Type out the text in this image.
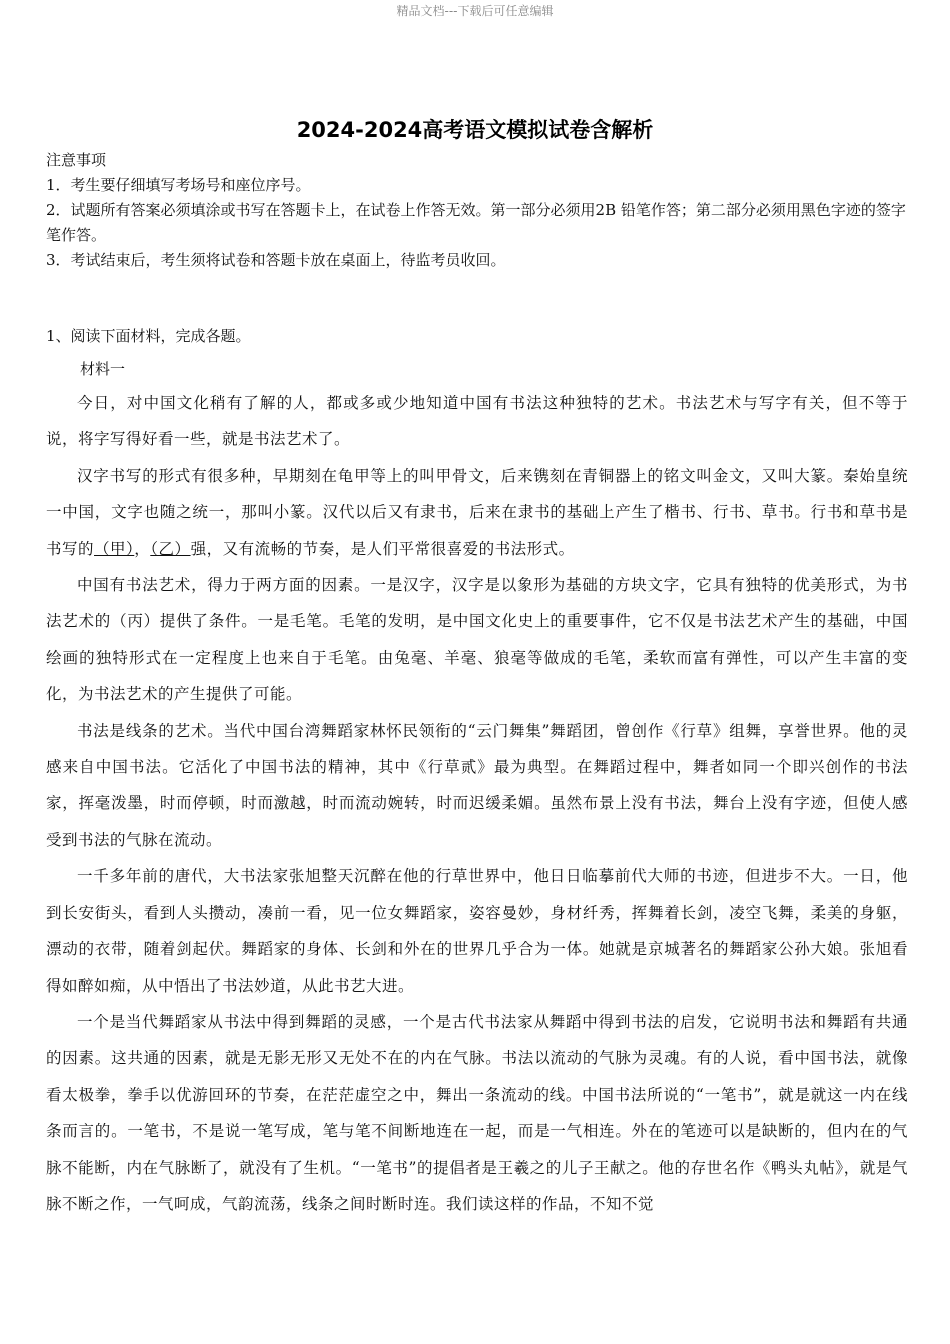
精品文档---下载后可任意编辑
2024-2024高考语文模拟试卷含解析

注意事项

1．考生要仔细填写考场号和座位序号。

2．试题所有答案必须填涂或书写在答题卡上，在试卷上作答无效。第一部分必须用2B 铅笔作答；第二部分必须用黑色字迹的签字笔作答。

3．考试结束后，考生须将试卷和答题卡放在桌面上，待监考员收回。

1、阅读下面材料，完成各题。
材料一

今日，对中国文化稍有了解的人，都或多或少地知道中国有书法这种独特的艺术。书法艺术与写字有关，但不等于说，将字写得好看一些，就是书法艺术了。

汉字书写的形式有很多种，早期刻在龟甲等上的叫甲骨文，后来镌刻在青铜器上的铭文叫金文，又叫大篆。秦始皇统一中国，文字也随之统一，那叫小篆。汉代以后又有隶书，后来在隶书的基础上产生了楷书、行书、草书。行书和草书是书写的（甲），（乙）强，又有流畅的节奏，是人们平常很喜爱的书法形式。

中国有书法艺术，得力于两方面的因素。一是汉字，汉字是以象形为基础的方块文字，它具有独特的优美形式，为书法艺术的（丙）提供了条件。一是毛笔。毛笔的发明，是中国文化史上的重要事件，它不仅是书法艺术产生的基础，中国绘画的独特形式在一定程度上也来自于毛笔。由兔毫、羊毫、狼毫等做成的毛笔，柔软而富有弹性，可以产生丰富的变化，为书法艺术的产生提供了可能。

书法是线条的艺术。当代中国台湾舞蹈家林怀民领衔的“云门舞集”舞蹈团，曾创作《行草》组舞，享誉世界。他的灵感来自中国书法。它活化了中国书法的精神，其中《行草贰》最为典型。在舞蹈过程中，舞者如同一个即兴创作的书法家，挥毫泼墨，时而停顿，时而激越，时而流动婉转，时而迟缓柔媚。虽然布景上没有书法，舞台上没有字迹，但使人感受到书法的气脉在流动。

一千多年前的唐代，大书法家张旭整天沉醉在他的行草世界中，他日日临摹前代大师的书迹，但进步不大。一日，他到长安街头，看到人头攒动，凑前一看，见一位女舞蹈家，姿容曼妙，身材纤秀，挥舞着长剑，凌空飞舞，柔美的身躯，漂动的衣带，随着剑起伏。舞蹈家的身体、长剑和外在的世界几乎合为一体。她就是京城著名的舞蹈家公孙大娘。张旭看得如醉如痴，从中悟出了书法妙道，从此书艺大进。

一个是当代舞蹈家从书法中得到舞蹈的灵感，一个是古代书法家从舞蹈中得到书法的启发，它说明书法和舞蹈有共通的因素。这共通的因素，就是无影无形又无处不在的内在气脉。书法以流动的气脉为灵魂。有的人说，看中国书法，就像看太极拳，拳手以优游回环的节奏，在茫茫虚空之中，舞出一条流动的线。中国书法所说的“一笔书”，就是就这一内在线条而言的。一笔书，不是说一笔写成，笔与笔不间断地连在一起，而是一气相连。外在的笔迹可以是缺断的，但内在的气脉不能断，内在气脉断了，就没有了生机。“一笔书”的提倡者是王羲之的儿子王献之。他的存世名作《鸭头丸帖》，就是气脉不断之作，一气呵成，气韵流荡，线条之间时断时连。我们读这样的作品，不知不觉
